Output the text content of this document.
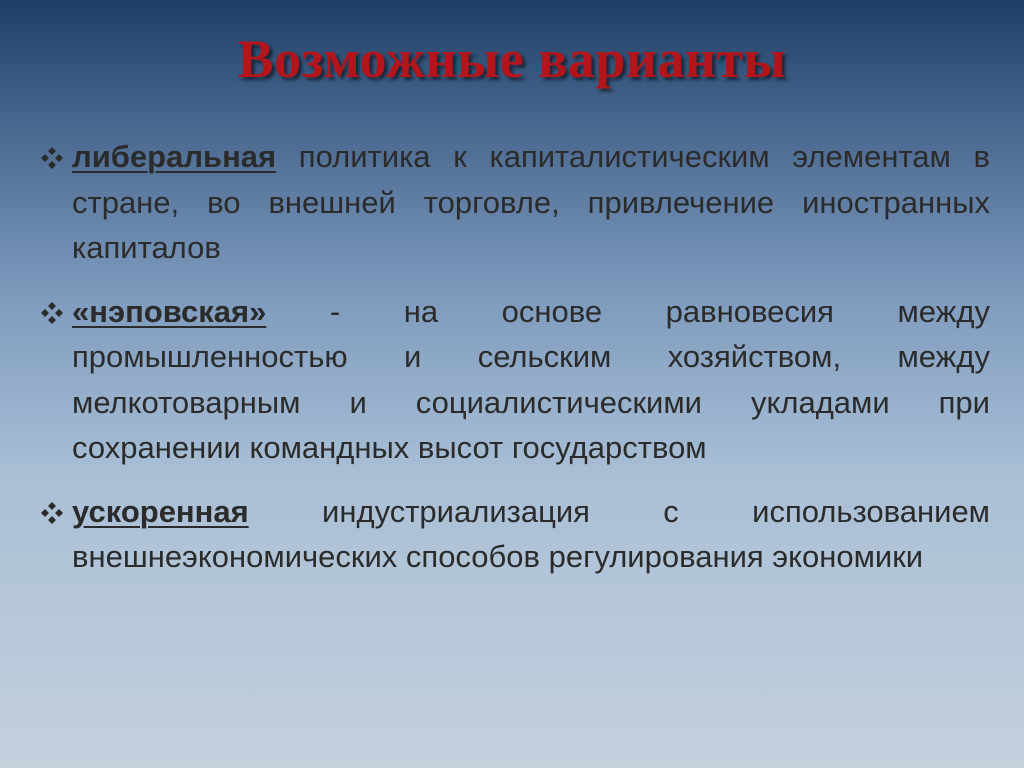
Возможные варианты
либеральная политика к капиталистическим элементам в стране, во внешней торговле, привлечение иностранных капиталов
«нэповская» - на основе равновесия между промышленностью и сельским хозяйством, между мелкотоварным и социалистическими укладами при сохранении командных высот государством
ускоренная индустриализация с использованием внешнеэкономических способов регулирования экономики
